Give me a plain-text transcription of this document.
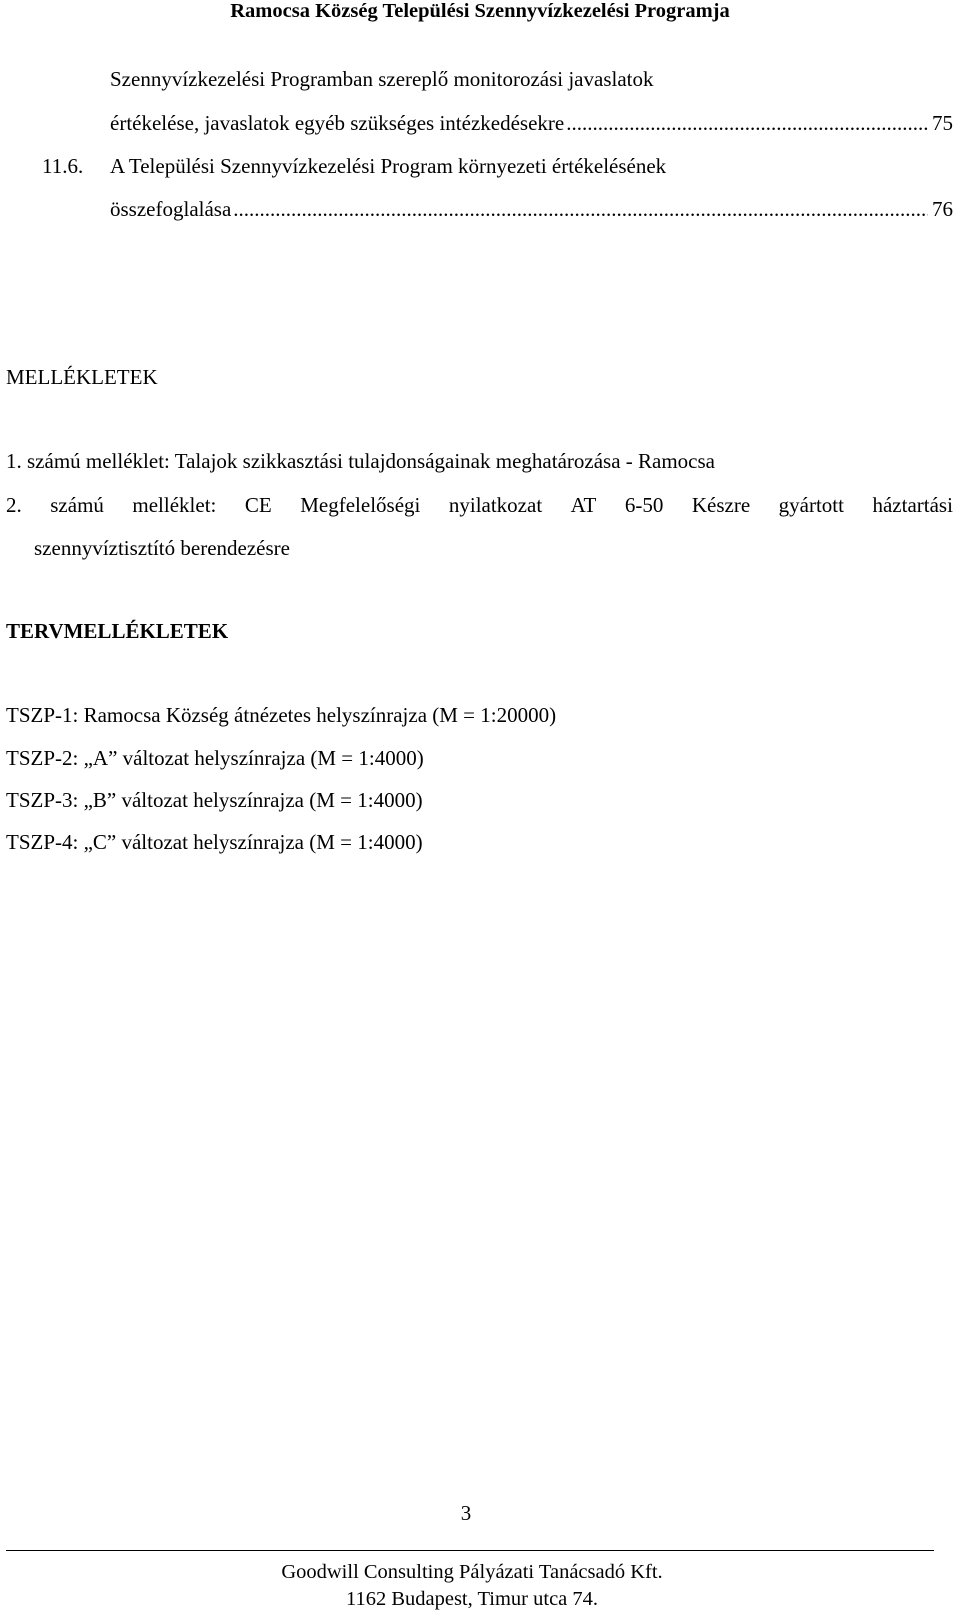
Ramocsa Község Települési Szennyvízkezelési Programja
Szennyvízkezelési Programban szereplő monitorozási javaslatok
értékelése, javaslatok egyéb szükséges intézkedésekre .....	75
11.6. A Települési Szennyvízkezelési Program környezeti értékelésének
összefoglalása .....	76
MELLÉKLETEK
1. számú melléklet: Talajok szikkasztási tulajdonságainak meghatározása - Ramocsa
2. számú melléklet: CE Megfelelőségi nyilatkozat AT 6-50 Készre gyártott háztartási
szennyvíztisztító berendezésre
TERVMELLÉKLETEK
TSZP-1: Ramocsa Község átnézetes helyszínrajza (M = 1:20000)
TSZP-2: „A” változat helyszínrajza (M = 1:4000)
TSZP-3: „B” változat helyszínrajza (M = 1:4000)
TSZP-4: „C” változat helyszínrajza (M = 1:4000)
3
Goodwill Consulting Pályázati Tanácsadó Kft.
1162 Budapest, Timur utca 74.
